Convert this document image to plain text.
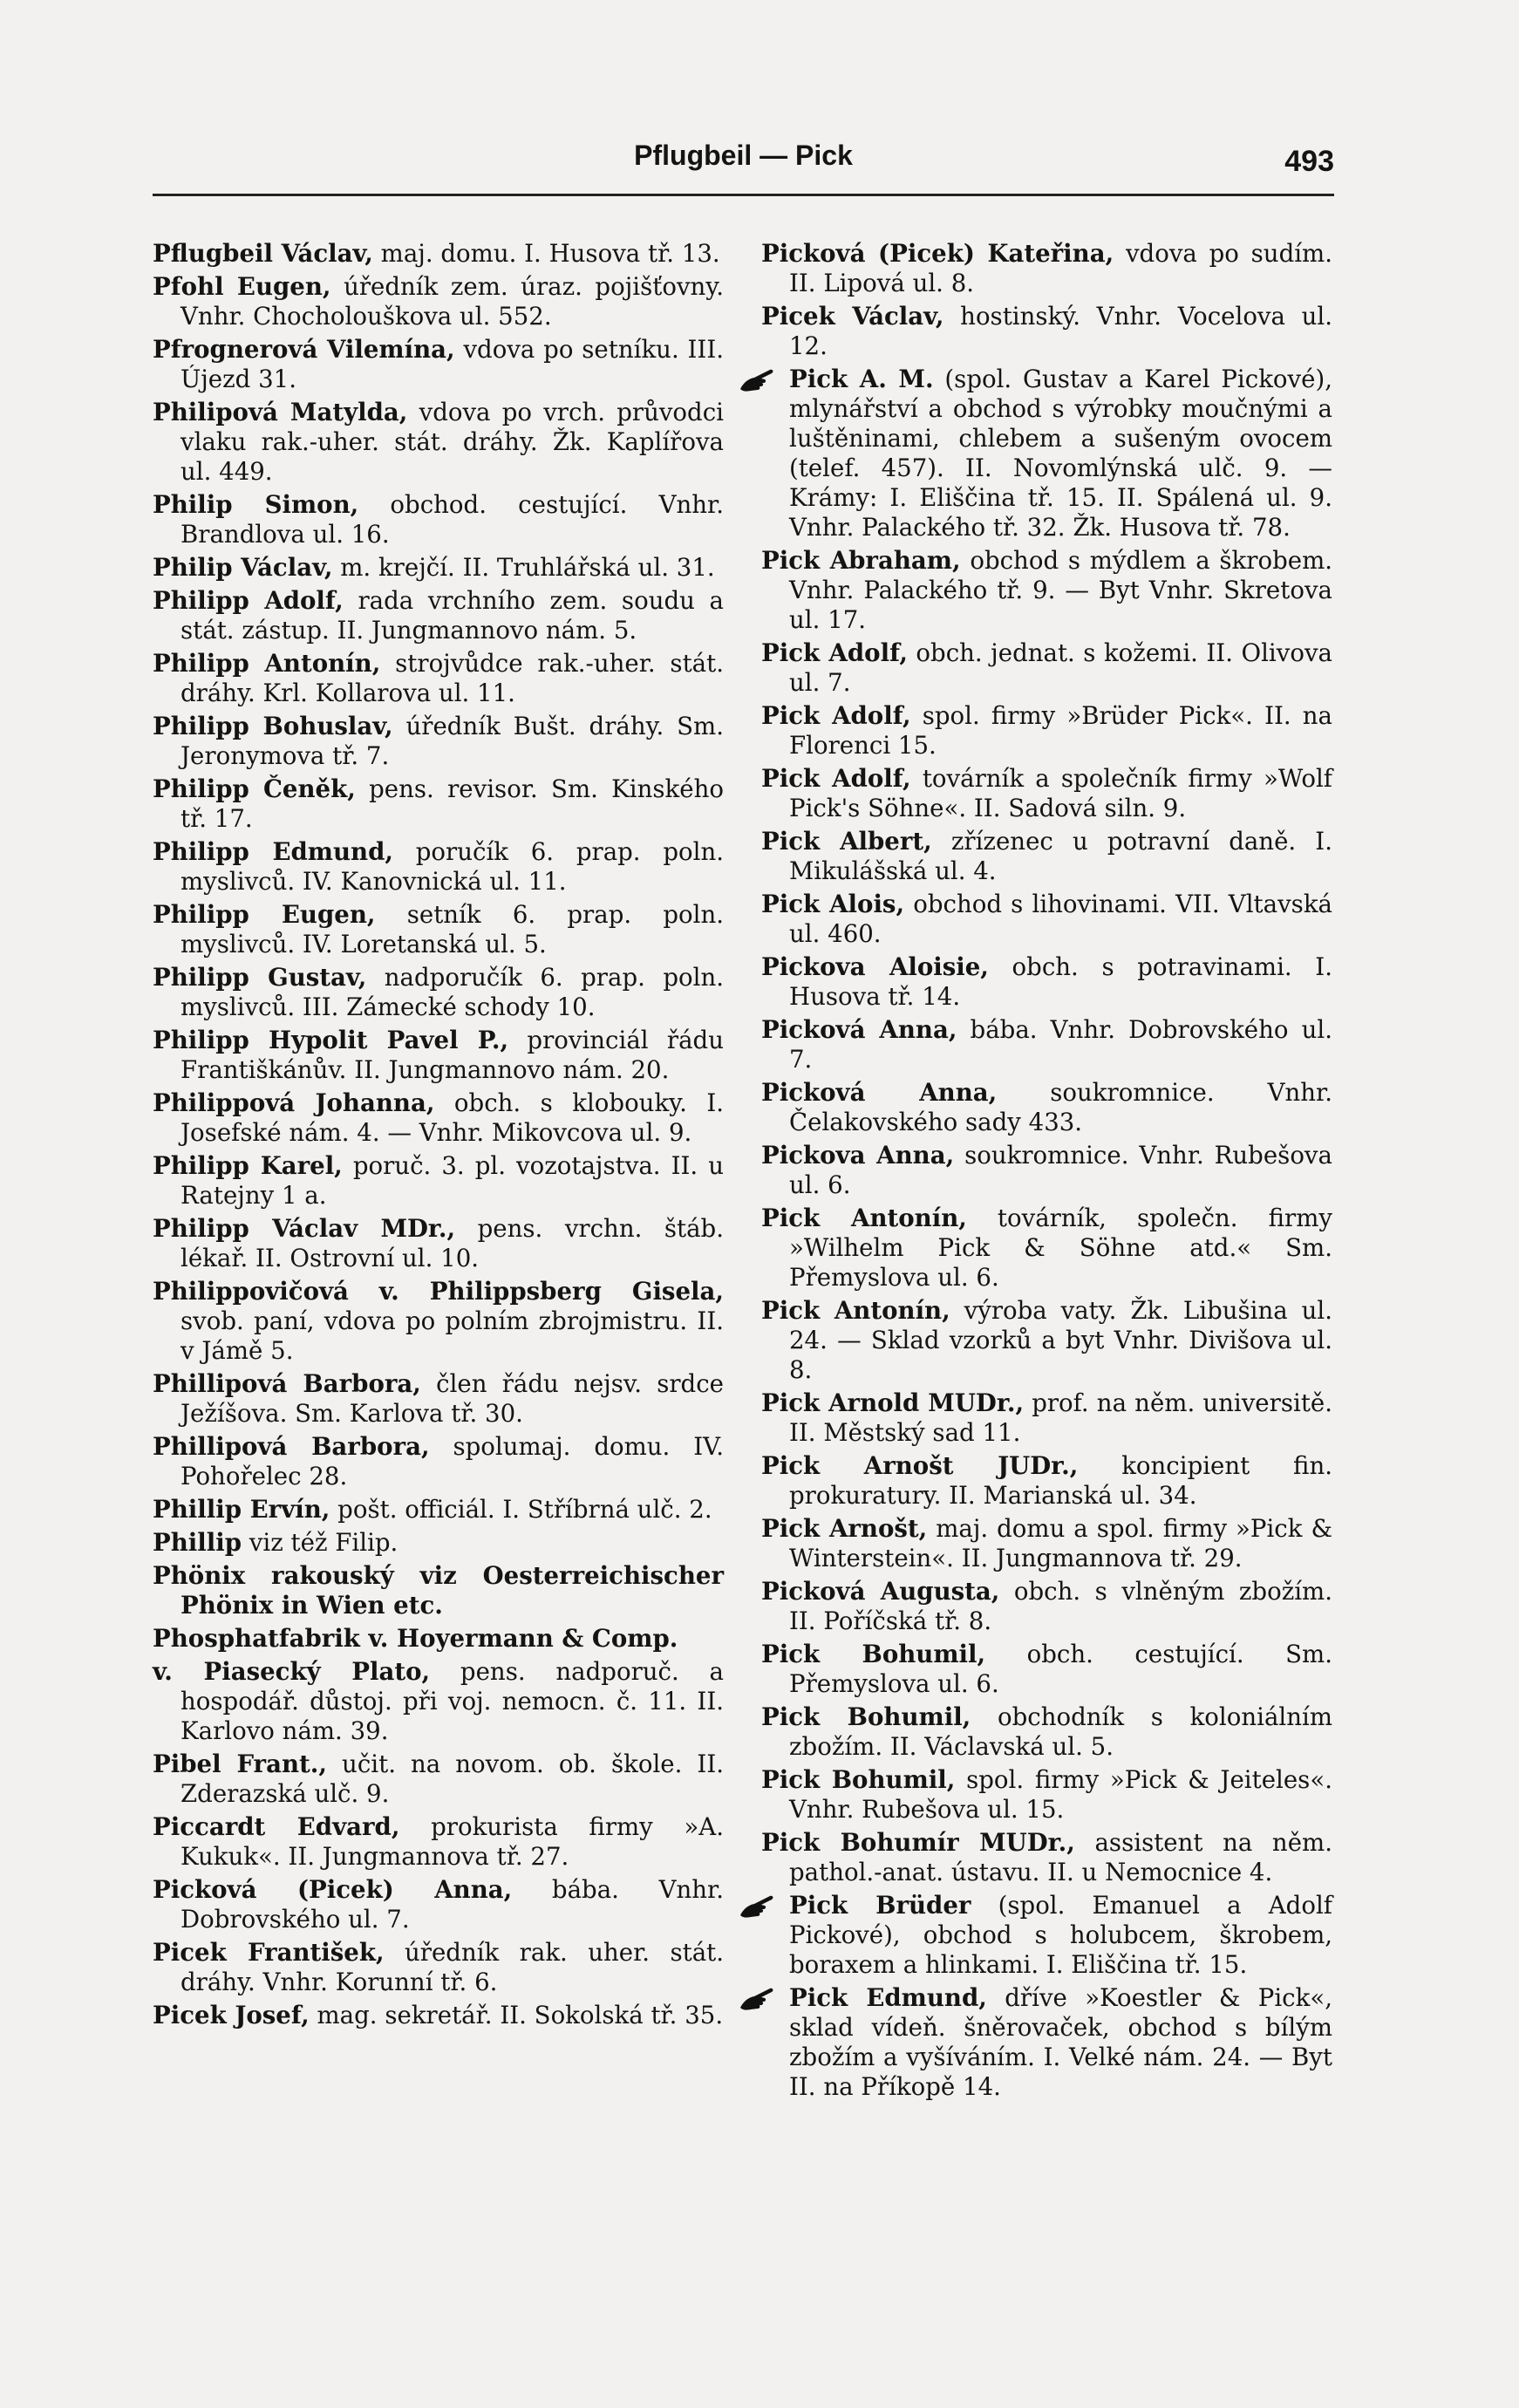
Pflugbeil — Pick	493

Pflugbeil Václav, maj. domu. I. Husova tř. 13.

Pfohl Eugen, úředník zem. úraz. pojišťovny. Vnhr. Chocholouškova ul. 552.

Pfrognerová Vilemína, vdova po setníku. III. Újezd 31.

Philipová Matylda, vdova po vrch. průvodci vlaku rak.-uher. stát. dráhy. Žk. Kaplířova ul. 449.

Philip Simon, obchod. cestující. Vnhr. Brandlova ul. 16.

Philip Václav, m. krejčí. II. Truhlářská ul. 31.

Philipp Adolf, rada vrchního zem. soudu a stát. zástup. II. Jungmannovo nám. 5.

Philipp Antonín, strojvůdce rak.-uher. stát. dráhy. Krl. Kollarova ul. 11.

Philipp Bohuslav, úředník Bušt. dráhy. Sm. Jeronymova tř. 7.

Philipp Čeněk, pens. revisor. Sm. Kinského tř. 17.

Philipp Edmund, poručík 6. prap. poln. myslivců. IV. Kanovnická ul. 11.

Philipp Eugen, setník 6. prap. poln. myslivců. IV. Loretanská ul. 5.

Philipp Gustav, nadporučík 6. prap. poln. myslivců. III. Zámecké schody 10.

Philipp Hypolit Pavel P., provinciál řádu Františkánův. II. Jungmannovo nám. 20.

Philippová Johanna, obch. s klobouky. I. Josefské nám. 4. — Vnhr. Mikovcova ul. 9.

Philipp Karel, poruč. 3. pl. vozotajstva. II. u Ratejny 1 a.

Philipp Václav MDr., pens. vrchn. štáb. lékař. II. Ostrovní ul. 10.

Philippovičová v. Philippsberg Gisela, svob. paní, vdova po polním zbrojmistru. II. v Jámě 5.

Phillipová Barbora, člen řádu nejsv. srdce Ježíšova. Sm. Karlova tř. 30.

Phillipová Barbora, spolumaj. domu. IV. Pohořelec 28.

Phillip Ervín, pošt. officiál. I. Stříbrná ulč. 2.

Phillip viz též Filip.

Phönix rakouský viz Oesterreichischer Phönix in Wien etc.

Phosphatfabrik v. Hoyermann & Comp.

v. Piasecký Plato, pens. nadporuč. a hospodář. důstoj. při voj. nemocn. č. 11. II. Karlovo nám. 39.

Pibel Frant., učit. na novom. ob. škole. II. Zderazská ulč. 9.

Piccardt Edvard, prokurista firmy »A. Kukuk«. II. Jungmannova tř. 27.

Picková (Picek) Anna, bába. Vnhr. Dobrovského ul. 7.

Picek František, úředník rak. uher. stát. dráhy. Vnhr. Korunní tř. 6.

Picek Josef, mag. sekretář. II. Sokolská tř. 35.

Picková (Picek) Kateřina, vdova po sudím. II. Lipová ul. 8.

Picek Václav, hostinský. Vnhr. Vocelova ul. 12.

Pick A. M. (spol. Gustav a Karel Pickové), mlynářství a obchod s výrobky moučnými a luštěninami, chlebem a sušeným ovocem (telef. 457). II. Novomlýnská ulč. 9. — Krámy: I. Eliščina tř. 15. II. Spálená ul. 9. Vnhr. Palackého tř. 32. Žk. Husova tř. 78.

Pick Abraham, obchod s mýdlem a škrobem. Vnhr. Palackého tř. 9. — Byt Vnhr. Skretova ul. 17.

Pick Adolf, obch. jednat. s kožemi. II. Olivova ul. 7.

Pick Adolf, spol. firmy »Brüder Pick«. II. na Florenci 15.

Pick Adolf, továrník a společník firmy »Wolf Pick's Söhne«. II. Sadová siln. 9.

Pick Albert, zřízenec u potravní daně. I. Mikulášská ul. 4.

Pick Alois, obchod s lihovinami. VII. Vltavská ul. 460.

Pickova Aloisie, obch. s potravinami. I. Husova tř. 14.

Picková Anna, bába. Vnhr. Dobrovského ul. 7.

Picková Anna, soukromnice. Vnhr. Čelakovského sady 433.

Pickova Anna, soukromnice. Vnhr. Rubešova ul. 6.

Pick Antonín, továrník, společn. firmy »Wilhelm Pick & Söhne atd.« Sm. Přemyslova ul. 6.

Pick Antonín, výroba vaty. Žk. Libušina ul. 24. — Sklad vzorků a byt Vnhr. Divišova ul. 8.

Pick Arnold MUDr., prof. na něm. universitě. II. Městský sad 11.

Pick Arnošt JUDr., koncipient fin. prokuratury. II. Marianská ul. 34.

Pick Arnošt, maj. domu a spol. firmy »Pick & Winterstein«. II. Jungmannova tř. 29.

Picková Augusta, obch. s vlněným zbožím. II. Poříčská tř. 8.

Pick Bohumil, obch. cestující. Sm. Přemyslova ul. 6.

Pick Bohumil, obchodník s koloniálním zbožím. II. Václavská ul. 5.

Pick Bohumil, spol. firmy »Pick & Jeiteles«. Vnhr. Rubešova ul. 15.

Pick Bohumír MUDr., assistent na něm. pathol.-anat. ústavu. II. u Nemocnice 4.

Pick Brüder (spol. Emanuel a Adolf Pickové), obchod s holubcem, škrobem, boraxem a hlinkami. I. Eliščina tř. 15.

Pick Edmund, dříve »Koestler & Pick«, sklad vídeň. šněrovaček, obchod s bílým zbožím a vyšíváním. I. Velké nám. 24. — Byt II. na Příkopě 14.
